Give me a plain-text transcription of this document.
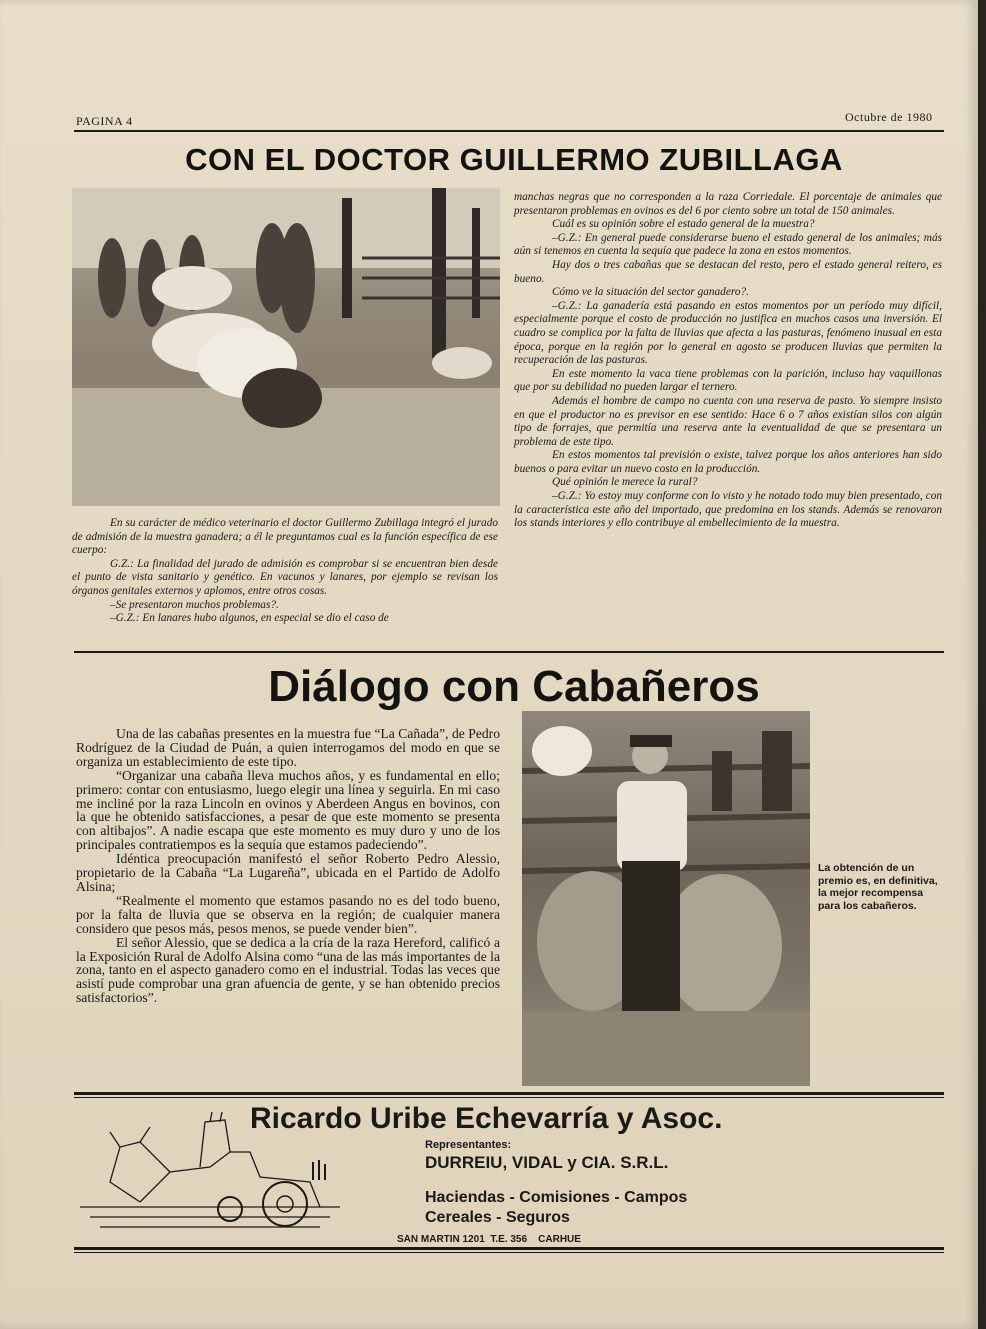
PAGINA 4	Octubre de 1980
CON EL DOCTOR GUILLERMO ZUBILLAGA

En su carácter de médico veterinario el doctor Guillermo Zubillaga integró el jurado de admisión de la muestra ganadera; a él le preguntamos cual es la función específica de ese cuerpo:

G.Z.: La finalidad del jurado de admisión es comprobar si se encuentran bien desde el punto de vista sanitario y genético. En vacunos y lanares, por ejemplo se revisan los órganos genitales externos y aplomos, entre otros cosas.

–Se presentaron muchos problemas?.

–G.Z.: En lanares hubo algunos, en especial se dio el caso de

manchas negras que no corresponden a la raza Corriedale. El porcentaje de animales que presentaron problemas en ovinos es del 6 por ciento sobre un total de 150 animales.

Cuál es su opinión sobre el estado general de la muestra?

–G.Z.: En general puede considerarse bueno el estado general de los animales; más aún si tenemos en cuenta la sequía que padece la zona en estos momentos.

Hay dos o tres cabañas que se destacan del resto, pero el estado general reitero, es bueno.

Cómo ve la situación del sector ganadero?.

–G.Z.: La ganadería está pasando en estos momentos por un período muy difícil, especialmente porque el costo de producción no justifica en muchos casos una inversión. El cuadro se complica por la falta de lluvias que afecta a las pasturas, fenómeno inusual en esta época, porque en la región por lo general en agosto se producen lluvias que permiten la recuperación de las pasturas.

En este momento la vaca tiene problemas con la parición, incluso hay vaquillonas que por su debilidad no pueden largar el ternero.

Además el hombre de campo no cuenta con una reserva de pasto. Yo siempre insisto en que el productor no es previsor en ese sentido: Hace 6 o 7 años existían silos con algún tipo de forrajes, que permitía una reserva ante la eventualidad de que se presentara un problema de este tipo.

En estos momentos tal previsión o existe, talvez porque los años anteriores han sido buenos o para evitar un nuevo costo en la producción.

Qué opinión le merece la rural?

–G.Z.: Yo estoy muy conforme con lo visto y he notado todo muy bien presentado, con la característica este año del importado, que predomina en los stands. Además se renovaron los stands interiores y ello contribuye al embellecimiento de la muestra.

Diálogo con Cabañeros

Una de las cabañas presentes en la muestra fue “La Cañada”, de Pedro Rodríguez de la Ciudad de Puán, a quien interrogamos del modo en que se organiza un establecimiento de este tipo.

“Organizar una cabaña lleva muchos años, y es fundamental en ello; primero: contar con entusiasmo, luego elegir una línea y seguirla. En mi caso me incliné por la raza Lincoln en ovinos y Aberdeen Angus en bovinos, con la que he obtenido satisfacciones, a pesar de que este momento se presenta con altibajos”. A nadie escapa que este momento es muy duro y uno de los principales contratiempos es la sequía que estamos padeciendo”.

Idéntica preocupación manifestó el señor Roberto Pedro Alessio, propietario de la Cabaña “La Lugareña”, ubicada en el Partido de Adolfo Alsina;

“Realmente el momento que estamos pasando no es del todo bueno, por la falta de lluvia que se observa en la región; de cualquier manera considero que pesos más, pesos menos, se puede vender bien”.

El señor Alessio, que se dedica a la cría de la raza Hereford, calificó a la Exposición Rural de Adolfo Alsina como “una de las más importantes de la zona, tanto en el aspecto ganadero como en el industrial. Todas las veces que asistí pude comprobar una gran afuencia de gente, y se han obtenido precios satisfactorios”.

La obtención de un premio es, en definitiva, la mejor recompensa para los cabañeros.
Ricardo Uribe Echevarría y Asoc.
Representantes:
DURREIU, VIDAL y CIA. S.R.L.
Haciendas - Comisiones - Campos
Cereales - Seguros
SAN MARTIN 1201  T.E. 356    CARHUE
